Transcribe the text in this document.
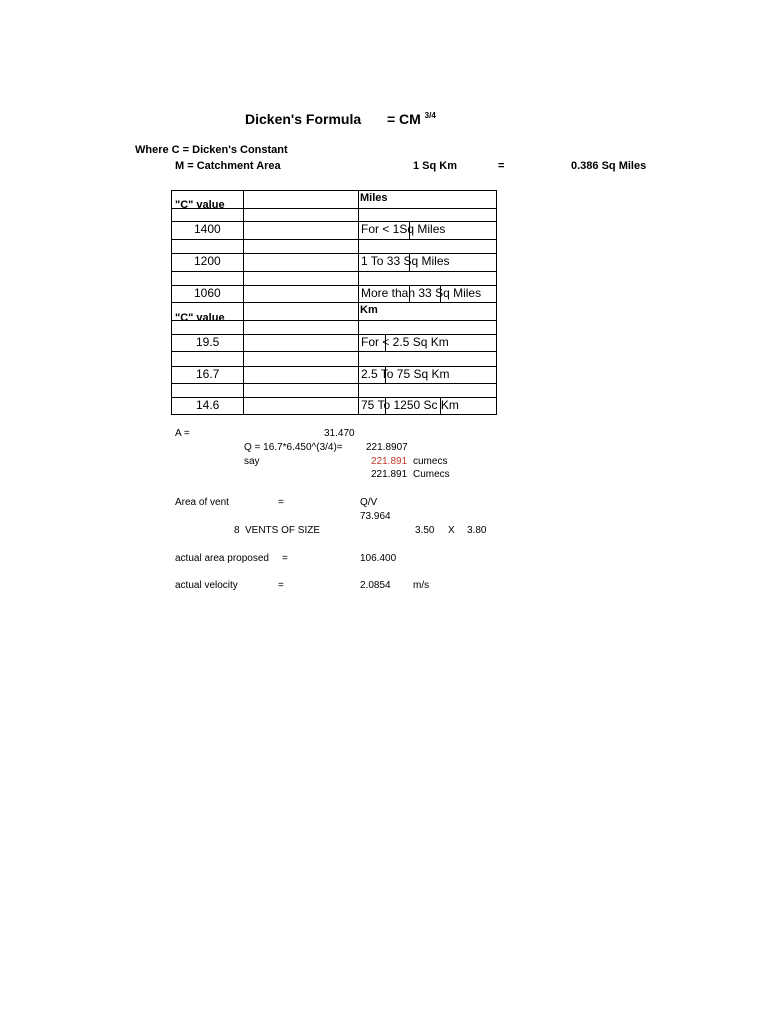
Dicken's Formula = CM $^{3/4}$
Where C = Dicken's Constant
M = Catchment Area	1 Sq Km	=	0.386 Sq Miles
"C" value
Miles
1400	For < 1Sq Miles
1200	1 To 33 Sq Miles
1060	More than 33 Sq Miles
"C" value
Km
19.5	For < 2.5 Sq Km
16.7	2.5 To 75 Sq Km
14.6	75 To 1250 Sc Km
A =	31.470
Q = 16.7*6.450^(3/4)= 221.8907
say	221.891 cumecs
221.891 Cumecs
Area of vent	=	Q/V
73.964
8 VENTS OF SIZE	3.50 X 3.80
actual area proposed =	106.400
actual velocity	=	2.0854 m/s
